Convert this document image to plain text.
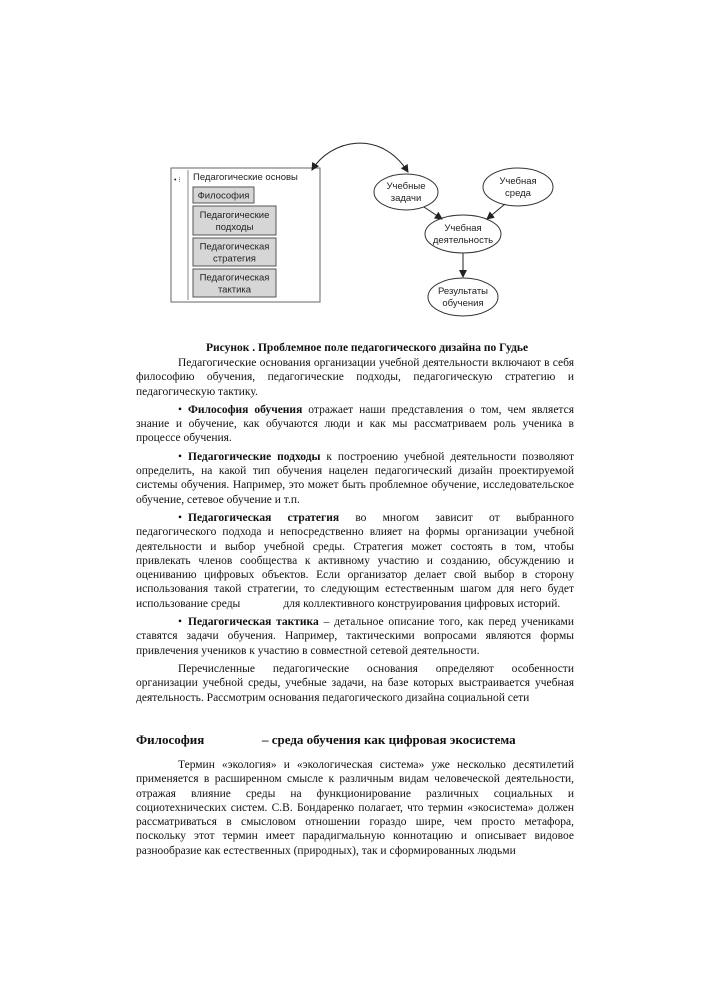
• ⁝ Педагогические основы
Философия
Педагогические
подходы
Педагогическая
стратегия
Педагогическая
тактика
Учебные
задачи
Учебная
среда
Учебная
деятельность
Результаты
обучения
Рисунок . Проблемное поле педагогического дизайна по Гудье

Педагогические основания организации учебной деятельности включают в себя философию обучения, педагогические подходы, педагогическую стратегию и педагогическую тактику.

• Философия обучения отражает наши представления о том, чем является знание и обучение, как обучаются люди и как мы рассматриваем роль ученика в процессе обучения.

• Педагогические подходы к построению учебной деятельности позволяют определить, на какой тип обучения нацелен педагогический дизайн проектируемой системы обучения. Например, это может быть проблемное обучение, исследовательское обучение, сетевое обучение и т.п.

• Педагогическая стратегия во многом зависит от выбранного педагогического подхода и непосредственно влияет на формы организации учебной деятельности и выбор учебной среды. Стратегия может состоять в том, чтобы привлекать членов сообщества к активному участию и созданию, обсуждению и оцениванию цифровых объектов. Если организатор делает свой выбор в сторону использования такой стратегии, то следующим естественным шагом для него будет использование среды               для коллективного конструирования цифровых историй.

• Педагогическая тактика – детальное описание того, как перед учениками ставятся задачи обучения. Например, тактическими вопросами являются формы привлечения учеников к участию в совместной сетевой деятельности.

Перечисленные педагогические основания определяют особенности организации учебной среды, учебные задачи, на базе которых выстраивается учебная деятельность. Рассмотрим основания педагогического дизайна социальной сети

Философия	– среда обучения как цифровая экосистема

Термин «экология» и «экологическая система» уже несколько десятилетий применяется в расширенном смысле к различным видам человеческой деятельности, отражая влияние среды на функционирование различных социальных и социотехнических систем. С.В. Бондаренко полагает, что термин «экосистема» должен рассматриваться в смысловом отношении гораздо шире, чем просто метафора, поскольку этот термин имеет парадигмальную коннотацию и описывает видовое разнообразие как естественных (природных), так и сформированных людьми
